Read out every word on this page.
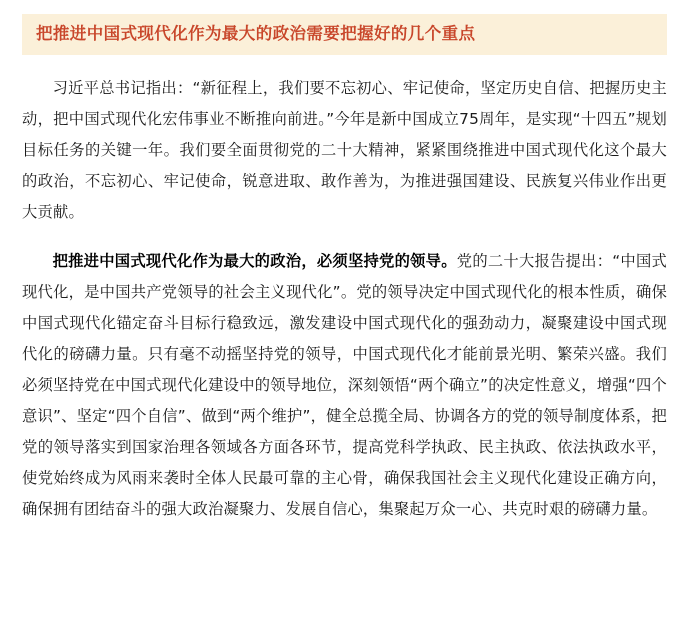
把推进中国式现代化作为最大的政治需要把握好的几个重点

习近平总书记指出：“新征程上，我们要不忘初心、牢记使命，坚定历史自信、把握历史主动，把中国式现代化宏伟事业不断推向前进。”今年是新中国成立75周年，是实现“十四五”规划目标任务的关键一年。我们要全面贯彻党的二十大精神，紧紧围绕推进中国式现代化这个最大的政治，不忘初心、牢记使命，锐意进取、敢作善为，为推进强国建设、民族复兴伟业作出更大贡献。

把推进中国式现代化作为最大的政治，必须坚持党的领导。党的二十大报告提出：“中国式现代化，是中国共产党领导的社会主义现代化”。党的领导决定中国式现代化的根本性质，确保中国式现代化锚定奋斗目标行稳致远，激发建设中国式现代化的强劲动力，凝聚建设中国式现代化的磅礴力量。只有毫不动摇坚持党的领导，中国式现代化才能前景光明、繁荣兴盛。我们必须坚持党在中国式现代化建设中的领导地位，深刻领悟“两个确立”的决定性意义，增强“四个意识”、坚定“四个自信”、做到“两个维护”，健全总揽全局、协调各方的党的领导制度体系，把党的领导落实到国家治理各领域各方面各环节，提高党科学执政、民主执政、依法执政水平，使党始终成为风雨来袭时全体人民最可靠的主心骨，确保我国社会主义现代化建设正确方向，确保拥有团结奋斗的强大政治凝聚力、发展自信心，集聚起万众一心、共克时艰的磅礴力量。
